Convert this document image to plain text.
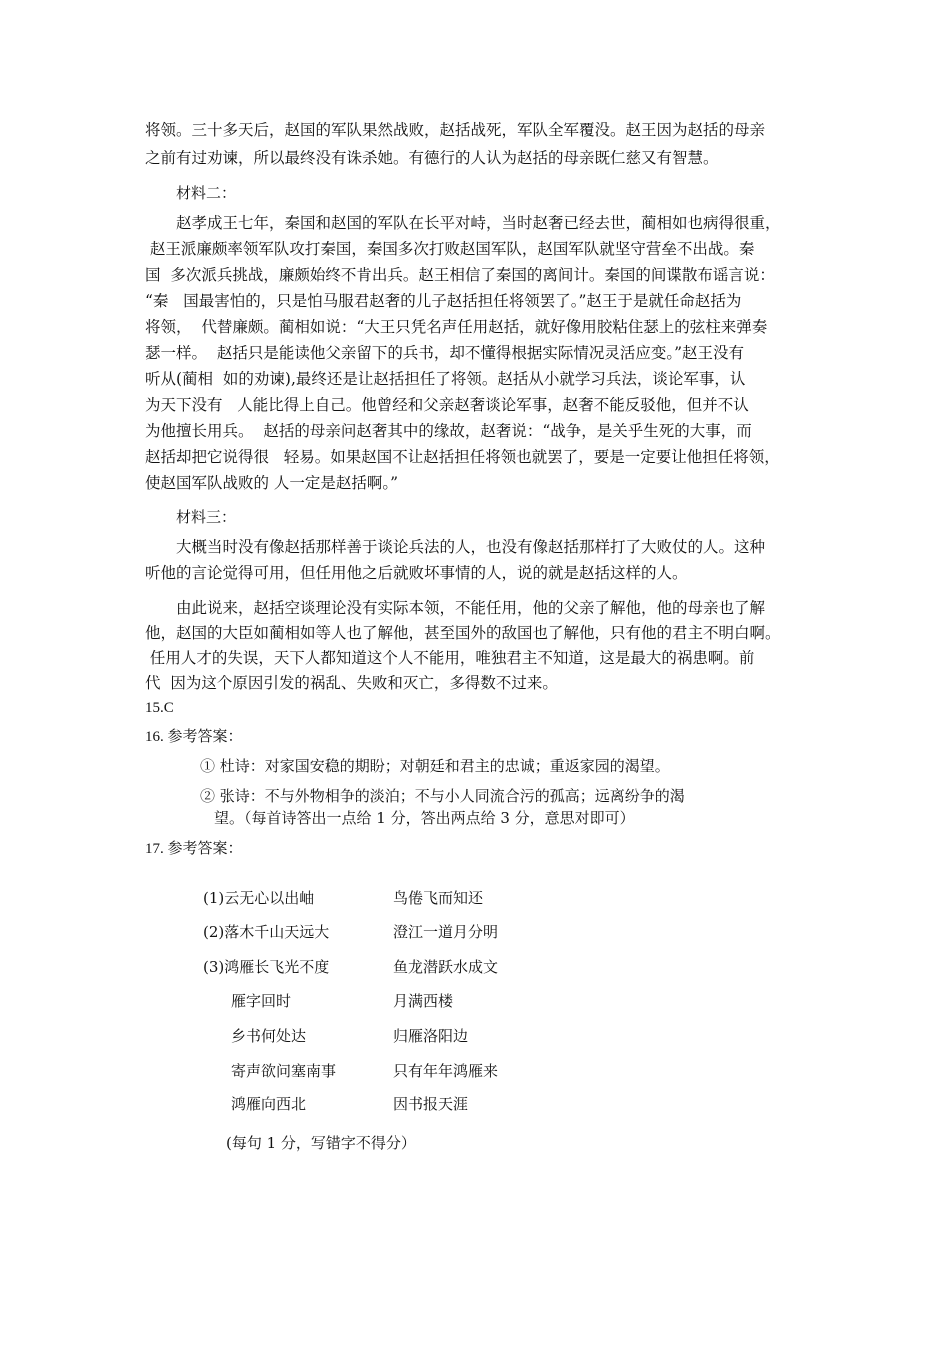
将领。三十多天后，赵国的军队果然战败，赵括战死，军队全军覆没。赵王因为赵括的母亲
之前有过劝谏，所以最终没有诛杀她。有德行的人认为赵括的母亲既仁慈又有智慧。
材料二：
赵孝成王七年，秦国和赵国的军队在长平对峙，当时赵奢已经去世，蔺相如也病得很重，
赵王派廉颇率领军队攻打秦国，秦国多次打败赵国军队，赵国军队就坚守营垒不出战。秦
国  多次派兵挑战，廉颇始终不肯出兵。赵王相信了秦国的离间计。秦国的间谍散布谣言说：
“秦   国最害怕的，只是怕马服君赵奢的儿子赵括担任将领罢了。”赵王于是就任命赵括为
将领，  代替廉颇。蔺相如说：“大王只凭名声任用赵括，就好像用胶粘住瑟上的弦柱来弹奏
瑟一样。  赵括只是能读他父亲留下的兵书，却不懂得根据实际情况灵活应变。”赵王没有
听从(蔺相  如的劝谏),最终还是让赵括担任了将领。赵括从小就学习兵法，谈论军事，认
为天下没有   人能比得上自己。他曾经和父亲赵奢谈论军事，赵奢不能反驳他，但并不认
为他擅长用兵。  赵括的母亲问赵奢其中的缘故，赵奢说：“战争，是关乎生死的大事，而
赵括却把它说得很   轻易。如果赵国不让赵括担任将领也就罢了，要是一定要让他担任将领，
使赵国军队战败的 人一定是赵括啊。”
材料三：
大概当时没有像赵括那样善于谈论兵法的人，也没有像赵括那样打了大败仗的人。这种
听他的言论觉得可用，但任用他之后就败坏事情的人，说的就是赵括这样的人。
由此说来，赵括空谈理论没有实际本领，不能任用，他的父亲了解他，他的母亲也了解
他，赵国的大臣如蔺相如等人也了解他，甚至国外的敌国也了解他，只有他的君主不明白啊。
任用人才的失误，天下人都知道这个人不能用，唯独君主不知道，这是最大的祸患啊。前
代  因为这个原因引发的祸乱、失败和灭亡，多得数不过来。
15.C
16. 参考答案：
① 杜诗：对家国安稳的期盼；对朝廷和君主的忠诚；重返家园的渴望。
② 张诗：不与外物相争的淡泊；不与小人同流合污的孤高；远离纷争的渴
望。（每首诗答出一点给 1 分，答出两点给 3 分，意思对即可）
17. 参考答案：
(1)云无心以出岫	鸟倦飞而知还
(2)落木千山天远大	澄江一道月分明
(3)鸿雁长飞光不度	鱼龙潜跃水成文
雁字回时	月满西楼
乡书何处达	归雁洛阳边
寄声欲问塞南事	只有年年鸿雁来
鸿雁向西北	因书报天涯
(每句 1 分，写错字不得分）
